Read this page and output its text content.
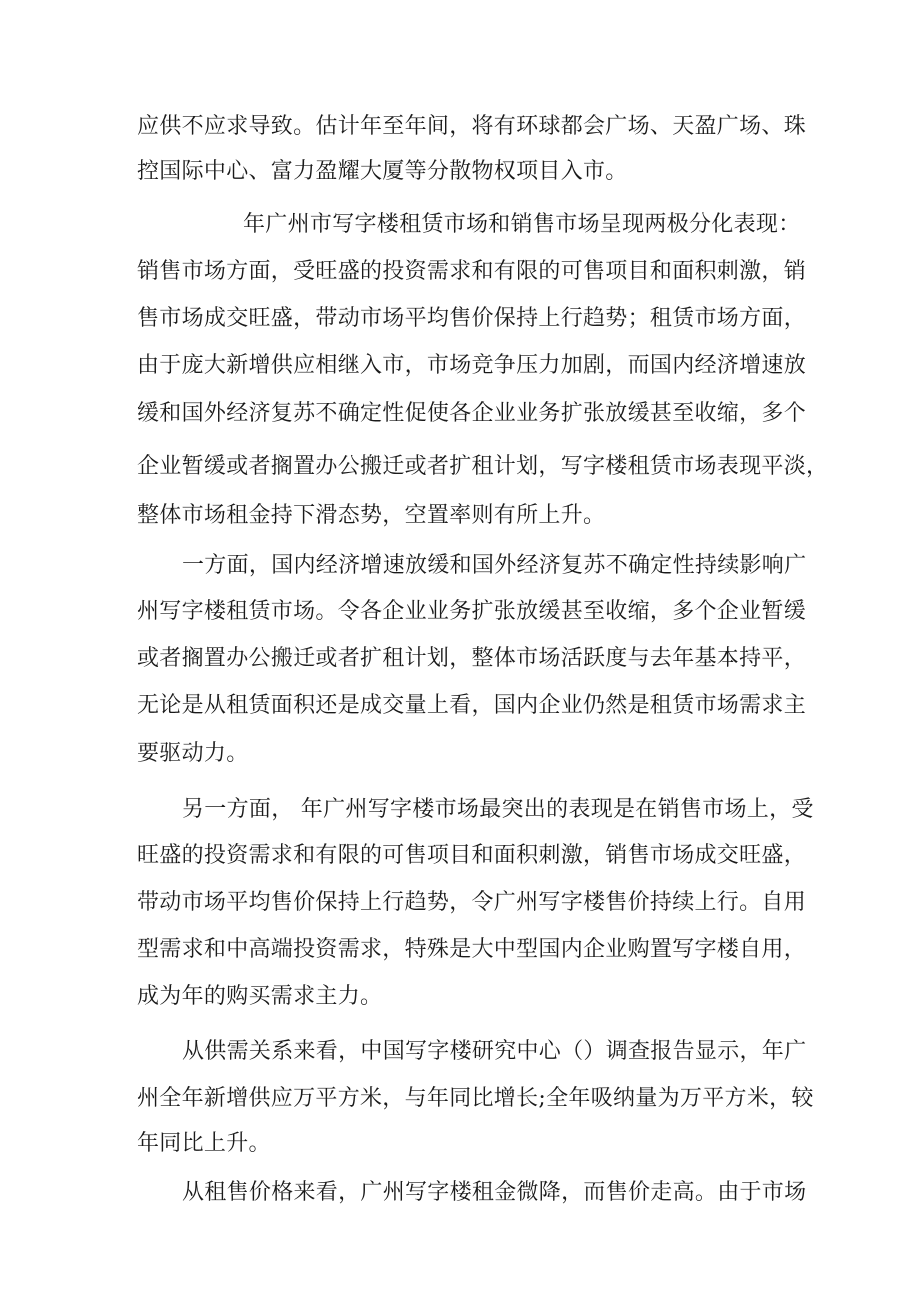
应供不应求导致。估计年至年间，将有环球都会广场、天盈广场、珠

控国际中心、富力盈耀大厦等分散物权项目入市。

年广州市写字楼租赁市场和销售市场呈现两极分化表现：

销售市场方面，受旺盛的投资需求和有限的可售项目和面积刺激，销

售市场成交旺盛，带动市场平均售价保持上行趋势；租赁市场方面，

由于庞大新增供应相继入市，市场竞争压力加剧，而国内经济增速放

缓和国外经济复苏不确定性促使各企业业务扩张放缓甚至收缩，多个

企业暂缓或者搁置办公搬迁或者扩租计划，写字楼租赁市场表现平淡，

整体市场租金持下滑态势，空置率则有所上升。

一方面，国内经济增速放缓和国外经济复苏不确定性持续影响广

州写字楼租赁市场。令各企业业务扩张放缓甚至收缩，多个企业暂缓

或者搁置办公搬迁或者扩租计划，整体市场活跃度与去年基本持平，

无论是从租赁面积还是成交量上看，国内企业仍然是租赁市场需求主

要驱动力。

另一方面， 年广州写字楼市场最突出的表现是在销售市场上，受

旺盛的投资需求和有限的可售项目和面积刺激，销售市场成交旺盛，

带动市场平均售价保持上行趋势，令广州写字楼售价持续上行。自用

型需求和中高端投资需求，特殊是大中型国内企业购置写字楼自用，

成为年的购买需求主力。

从供需关系来看，中国写字楼研究中心（）调查报告显示，年广

州全年新增供应万平方米，与年同比增长;全年吸纳量为万平方米，较

年同比上升。

从租售价格来看，广州写字楼租金微降，而售价走高。由于市场
